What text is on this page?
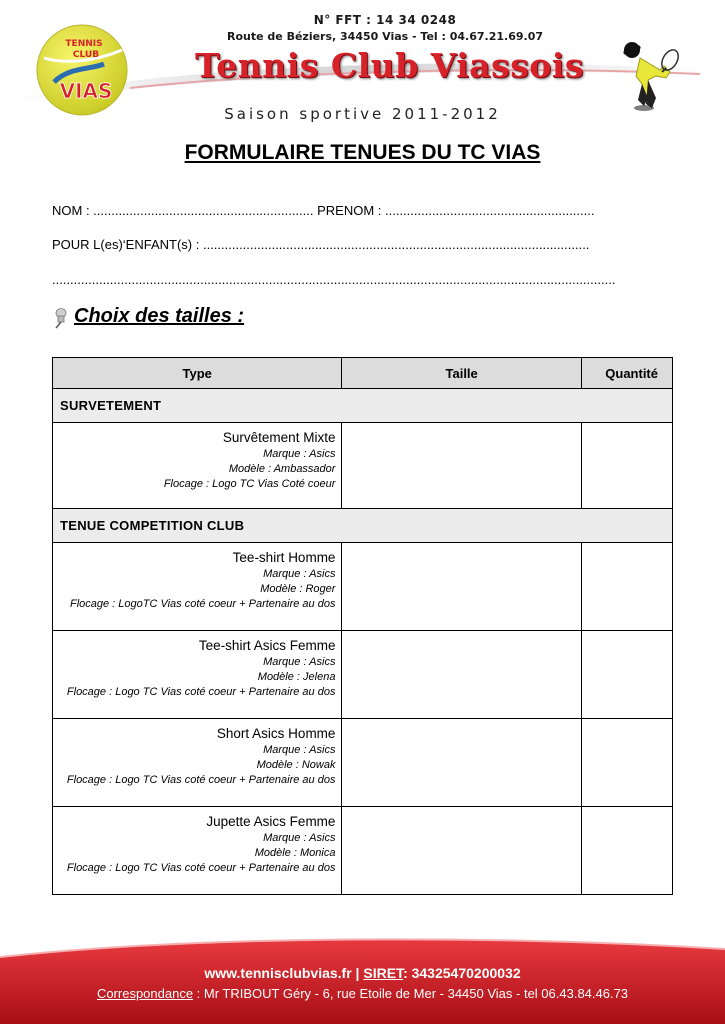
TENNIS
CLUB
VIAS
N° FFT : 14 34 0248
Route de Béziers, 34450 Vias - Tel : 04.67.21.69.07
Tennis Club Viassois
Saison sportive 2011-2012
FORMULAIRE TENUES DU TC VIAS
NOM : ............................................................. PRENOM : ..........................................................
POUR L(es)‘ENFANT(s) : ...........................................................................................................
............................................................................................................................................................
Choix des tailles :
Type	Taille	Quantité
SURVETEMENT		

Survêtement Mixte
Marque : Asics
Modèle : Ambassador
Flocage : Logo TC Vias Coté coeur		

TENUE COMPETITION CLUB		

Tee-shirt Homme
Marque : Asics
Modèle : Roger
Flocage : LogoTC Vias coté coeur + Partenaire au dos		

Tee-shirt Asics Femme
Marque : Asics
Modèle : Jelena
Flocage : Logo TC Vias coté coeur + Partenaire au dos		

Short Asics Homme
Marque : Asics
Modèle : Nowak
Flocage : Logo TC Vias coté coeur + Partenaire au dos		

Jupette Asics Femme
Marque : Asics
Modèle : Monica
Flocage : Logo TC Vias coté coeur + Partenaire au dos		

www.tennisclubvias.fr | SIRET: 34325470200032
Correspondance : Mr TRIBOUT Géry - 6, rue Etoile de Mer - 34450 Vias - tel 06.43.84.46.73
